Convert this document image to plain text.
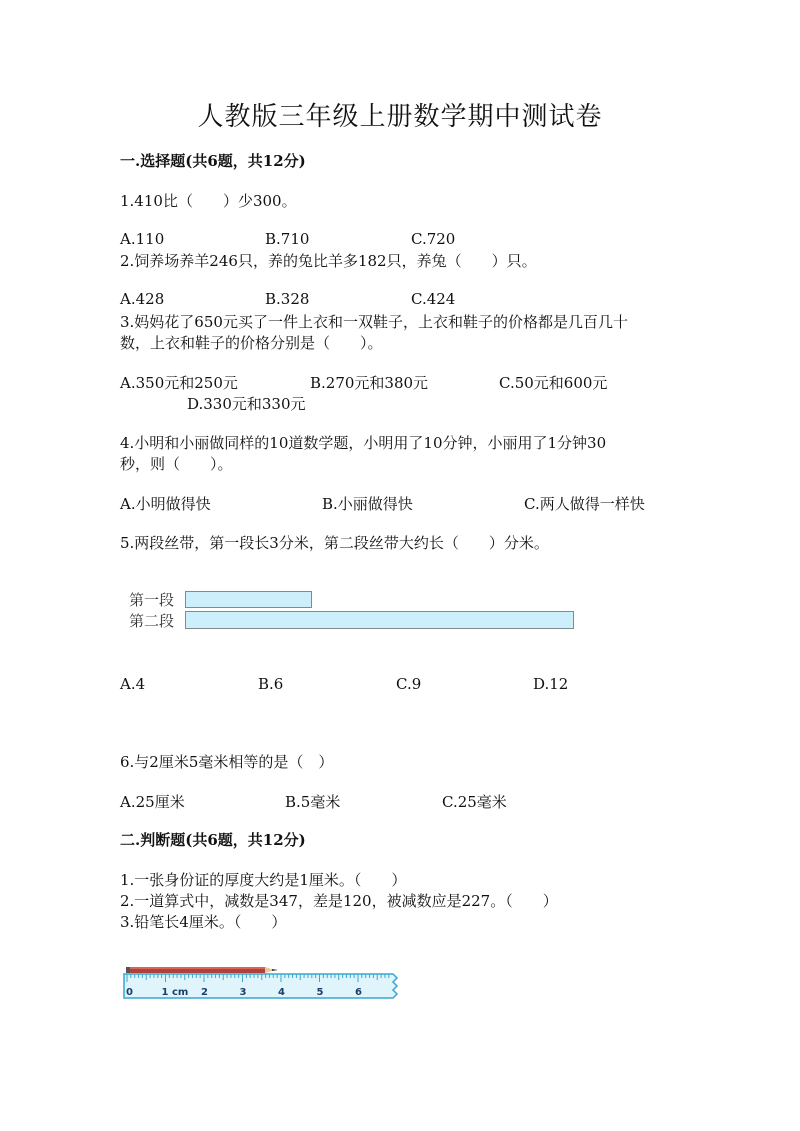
人教版三年级上册数学期中测试卷
一.选择题(共6题，共12分)
1.410比（　　）少300。
A.110	B.710	C.720
2.饲养场养羊246只，养的兔比羊多182只，养兔（　　）只。
A.428	B.328	C.424
3.妈妈花了650元买了一件上衣和一双鞋子，上衣和鞋子的价格都是几百几十
数，上衣和鞋子的价格分别是（　　）。
A.350元和250元	B.270元和380元	C.50元和600元
D.330元和330元
4.小明和小丽做同样的10道数学题，小明用了10分钟，小丽用了1分钟30
秒，则（　　）。
A.小明做得快	B.小丽做得快	C.两人做得一样快
5.两段丝带，第一段长3分米，第二段丝带大约长（　　）分米。
第一段
第二段
A.4	B.6	C.9	D.12
6.与2厘米5毫米相等的是（　）
A.25厘米	B.5毫米	C.25毫米
二.判断题(共6题，共12分)
1.一张身份证的厚度大约是1厘米。（　　）
2.一道算式中，减数是347，差是120，被减数应是227。（　　）
3.铅笔长4厘米。（　　）
0	1 cm 2	3	4	5	6
